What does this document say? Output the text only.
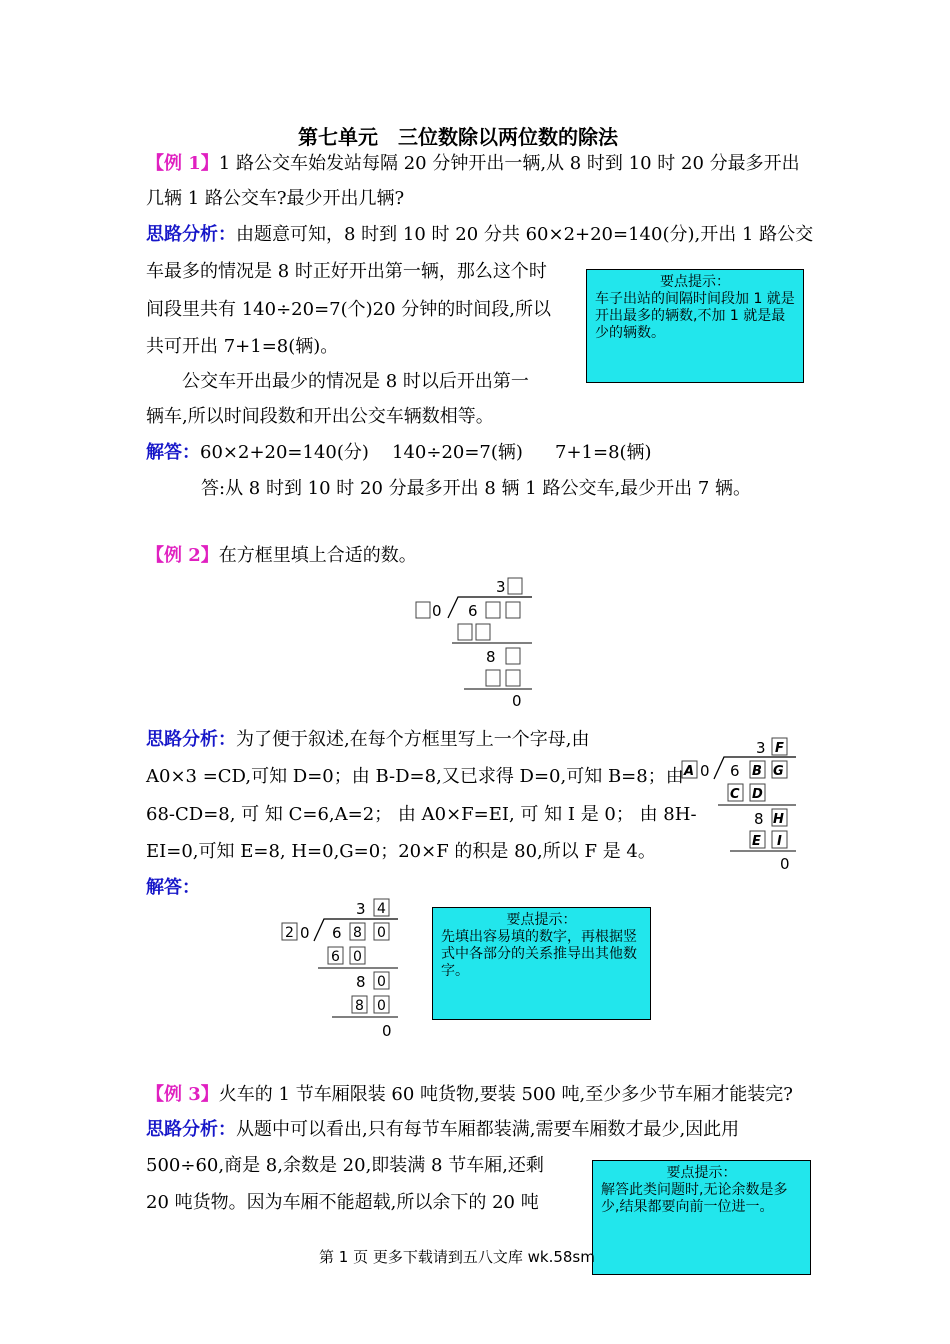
第七单元　三位数除以两位数的除法
【例 1】1 路公交车始发站每隔 20 分钟开出一辆,从 8 时到 10 时 20 分最多开出
几辆 1 路公交车?最少开出几辆?
思路分析：由题意可知，8 时到 10 时 20 分共 60×2+20=140(分),开出 1 路公交
车最多的情况是 8 时正好开出第一辆，那么这个时
间段里共有 140÷20=7(个)20 分钟的时间段,所以
共可开出 7+1=8(辆)。
公交车开出最少的情况是 8 时以后开出第一
辆车,所以时间段数和开出公交车辆数相等。
解答：60×2+20=140(分) 140÷20=7(辆) 7+1=8(辆)
答:从 8 时到 10 时 20 分最多开出 8 辆 1 路公交车,最少开出 7 辆。
要点提示：
车子出站的间隔时间段加 1 就是开出最多的辆数,不加 1 就是最少的辆数。
【例 2】在方框里填上合适的数。
3
0 6
8
0
思路分析：为了便于叙述,在每个方框里写上一个字母,由
A0×3 =CD,可知 D=0；由 B-D=8,又已求得 D=0,可知 B=8；由
68-CD=8, 可 知 C=6,A=2； 由 A0×F=EI, 可 知 I 是 0； 由 8H-
EI=0,可知 E=8, H=0,G=0；20×F 的积是 80,所以 F 是 4。
3 F
A 0 6 B G
C D
8 H
E I
0
解答：
3 4
2 0 6 8 0
6 0
8 0
8 0
0
要点提示：
先填出容易填的数字，再根据竖式中各部分的关系推导出其他数字。
【例 3】火车的 1 节车厢限装 60 吨货物,要装 500 吨,至少多少节车厢才能装完?
思路分析：从题中可以看出,只有每节车厢都装满,需要车厢数才最少,因此用
500÷60,商是 8,余数是 20,即装满 8 节车厢,还剩
20 吨货物。因为车厢不能超载,所以余下的 20 吨
要点提示：
解答此类问题时,无论余数是多少,结果都要向前一位进一。
第 1 页 更多下载请到五八文库 wk.58sm
